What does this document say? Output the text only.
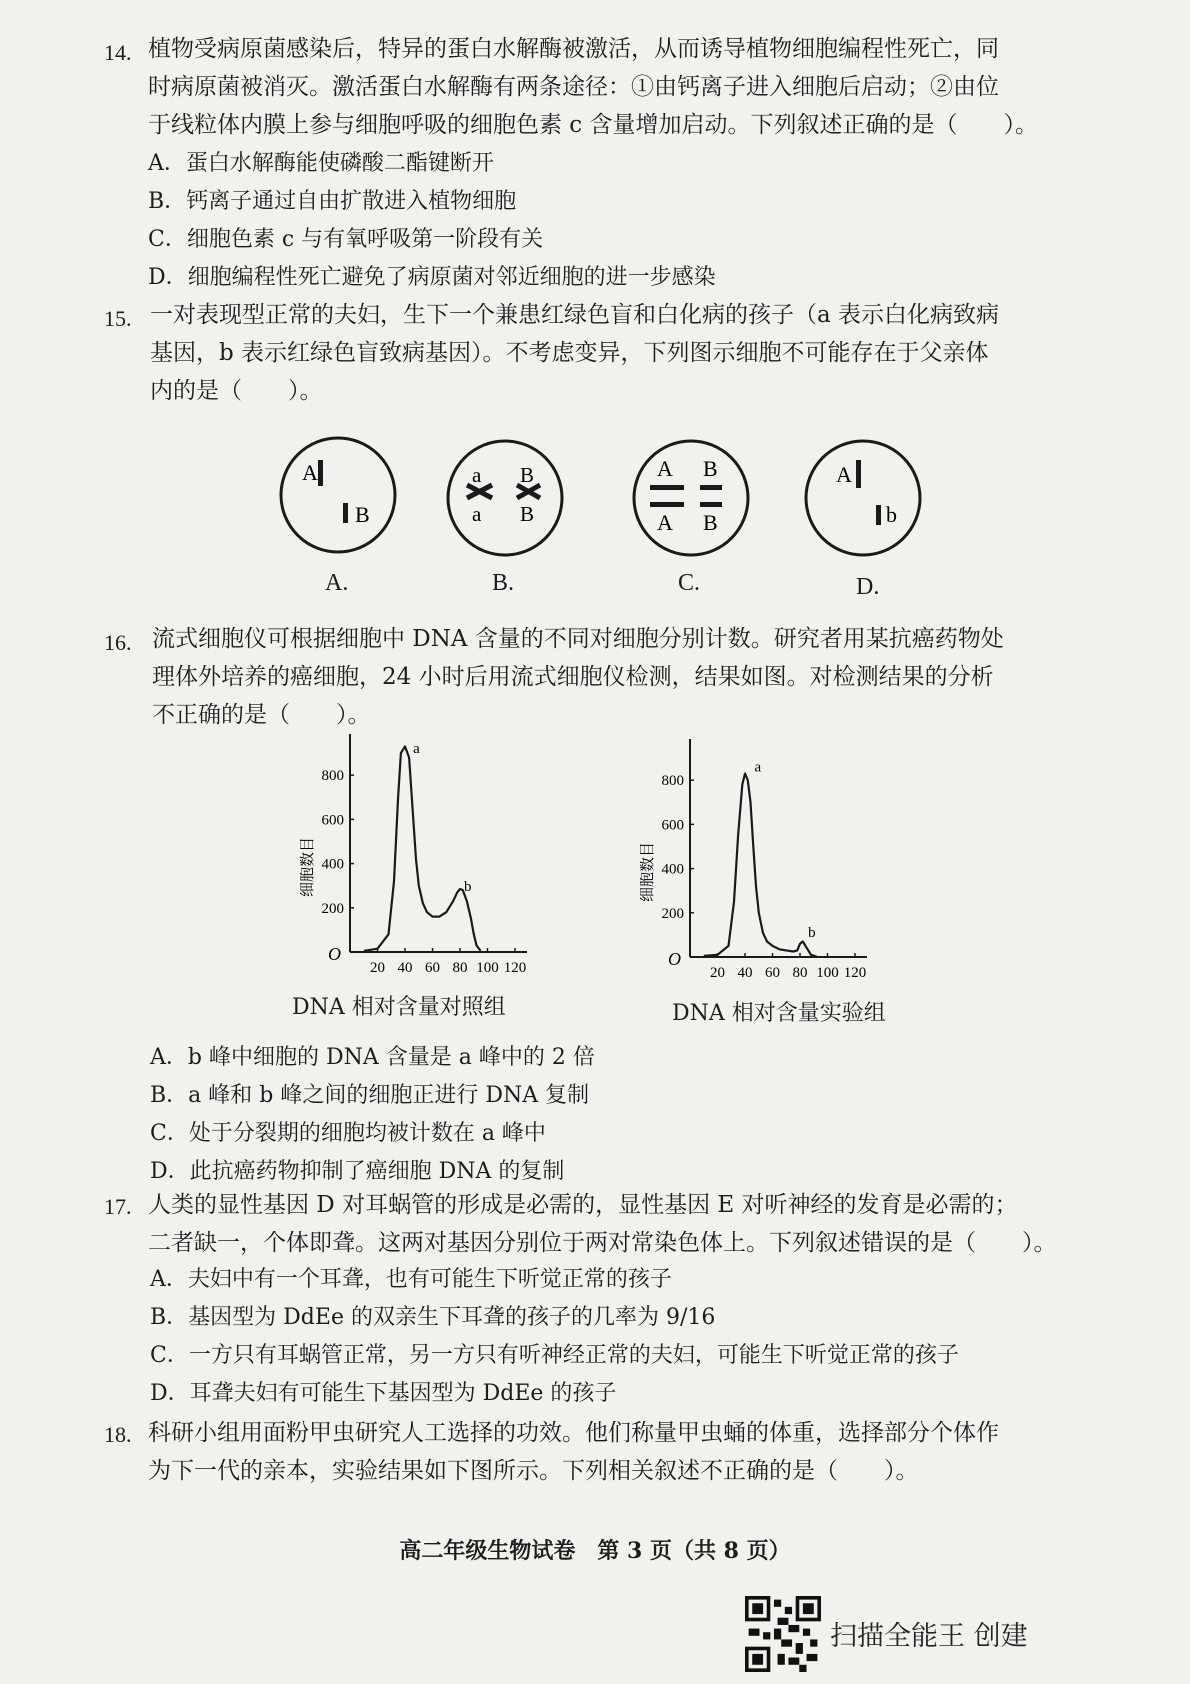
14. 植物受病原菌感染后，特异的蛋白水解酶被激活，从而诱导植物细胞编程性死亡，同
时病原菌被消灭。激活蛋白水解酶有两条途径：①由钙离子进入细胞后启动；②由位
于线粒体内膜上参与细胞呼吸的细胞色素 c 含量增加启动。下列叙述正确的是（　　）。
A．蛋白水解酶能使磷酸二酯键断开
B．钙离子通过自由扩散进入植物细胞
C．细胞色素 c 与有氧呼吸第一阶段有关
D．细胞编程性死亡避免了病原菌对邻近细胞的进一步感染
15. 一对表现型正常的夫妇，生下一个兼患红绿色盲和白化病的孩子（a 表示白化病致病
基因，b 表示红绿色盲致病基因）。不考虑变异，下列图示细胞不可能存在于父亲体
内的是（　　）。
A
B
a
a
B
B
A
A
B
B
A
b
A.	B.	C.	D.
16. 流式细胞仪可根据细胞中 DNA 含量的不同对细胞分别计数。研究者用某抗癌药物处
理体外培养的癌细胞，24 小时后用流式细胞仪检测，结果如图。对检测结果的分析
不正确的是（　　）。
O
20 40 60 80 100 120
200
400
600
800
细胞数目
a
b
O
20 40 60 80 100 120
200
400
600
800
细胞数目
a
b
DNA 相对含量对照组	DNA 相对含量实验组
A．b 峰中细胞的 DNA 含量是 a 峰中的 2 倍
B．a 峰和 b 峰之间的细胞正进行 DNA 复制
C．处于分裂期的细胞均被计数在 a 峰中
D．此抗癌药物抑制了癌细胞 DNA 的复制
17. 人类的显性基因 D 对耳蜗管的形成是必需的，显性基因 E 对听神经的发育是必需的；
二者缺一，个体即聋。这两对基因分别位于两对常染色体上。下列叙述错误的是（　　）。
A．夫妇中有一个耳聋，也有可能生下听觉正常的孩子
B．基因型为 DdEe 的双亲生下耳聋的孩子的几率为 9/16
C．一方只有耳蜗管正常，另一方只有听神经正常的夫妇，可能生下听觉正常的孩子
D．耳聋夫妇有可能生下基因型为 DdEe 的孩子
18. 科研小组用面粉甲虫研究人工选择的功效。他们称量甲虫蛹的体重，选择部分个体作
为下一代的亲本，实验结果如下图所示。下列相关叙述不正确的是（　　）。
高二年级生物试卷　第 3 页（共 8 页）
扫描全能王 创建
